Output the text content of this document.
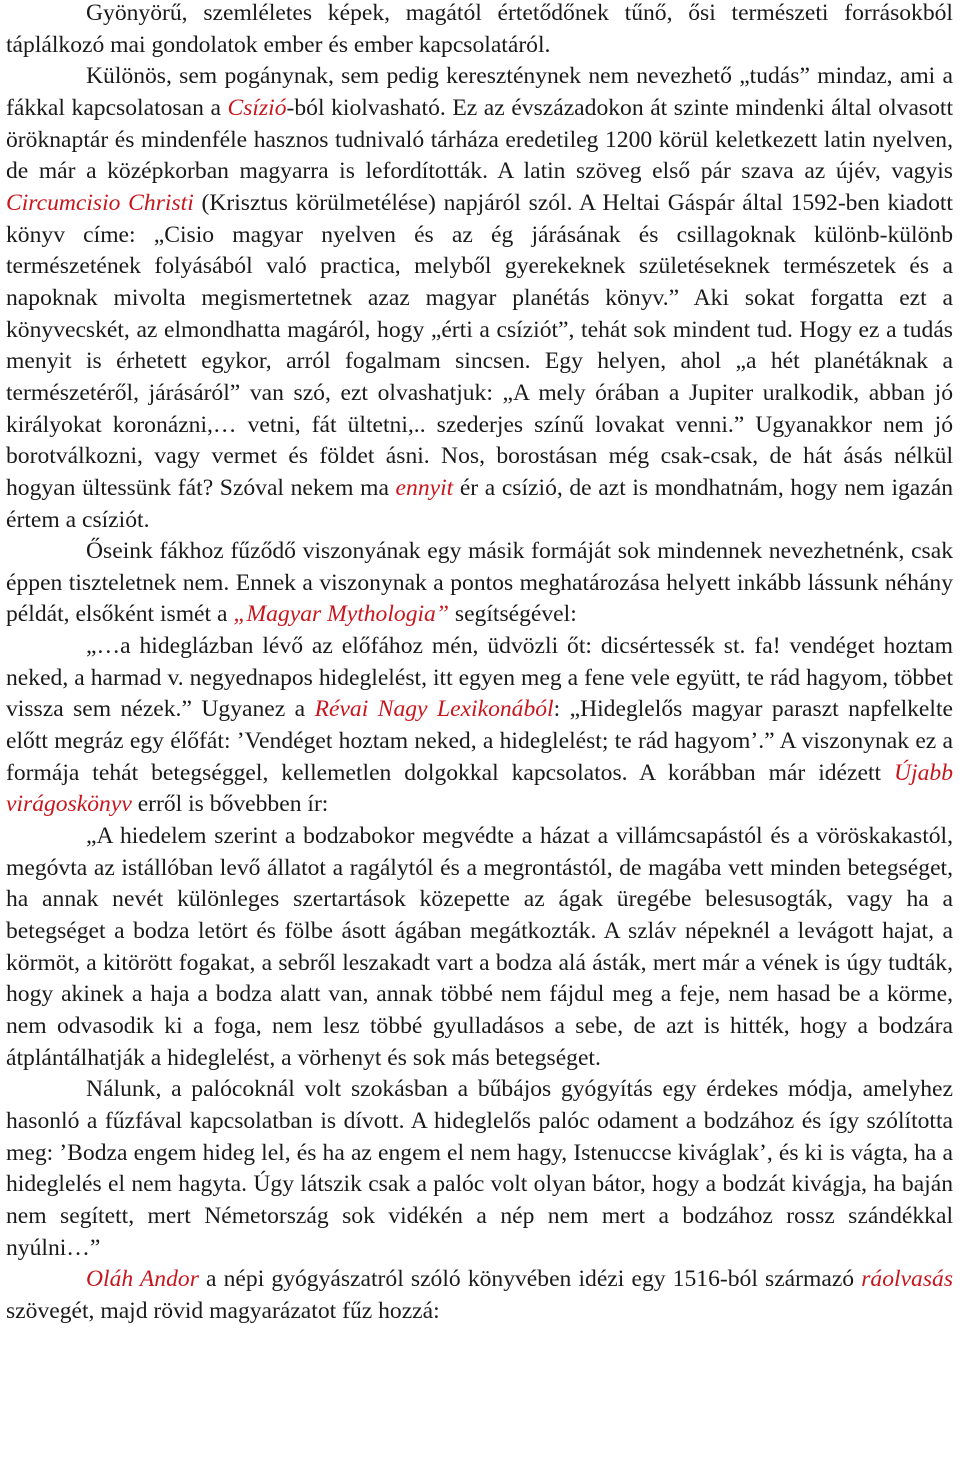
Gyönyörű, szemléletes képek, magától értetődőnek tűnő, ősi természeti forrásokból táplálkozó mai gondolatok ember és ember kapcsolatáról.

Különös, sem pogánynak, sem pedig kereszténynek nem nevezhető „tudás” mindaz, ami a fákkal kapcsolatosan a Csízió-ból kiolvasható. Ez az évszázadokon át szinte mindenki által olvasott öröknaptár és mindenféle hasznos tudnivaló tárháza eredetileg 1200 körül keletkezett latin nyelven, de már a középkorban magyarra is lefordították. A latin szöveg első pár szava az újév, vagyis Circumcisio Christi (Krisztus körülmetélése) napjáról szól. A Heltai Gáspár által 1592-ben kiadott könyv címe: „Cisio magyar nyelven és az ég járásának és csillagoknak különb-különb természetének folyásából való practica, melyből gyerekeknek születéseknek természetek és a napoknak mivolta megismertetnek azaz magyar planétás könyv.” Aki sokat forgatta ezt a könyvecskét, az elmondhatta magáról, hogy „érti a csíziót”, tehát sok mindent tud. Hogy ez a tudás menyit is érhetett egykor, arról fogalmam sincsen. Egy helyen, ahol „a hét planétáknak a természetéről, járásáról” van szó, ezt olvashatjuk: „A mely órában a Jupiter uralkodik, abban jó királyokat koronázni,… vetni, fát ültetni,.. szederjes színű lovakat venni.” Ugyanakkor nem jó borotválkozni, vagy vermet és földet ásni. Nos, borostásan még csak-csak, de hát ásás nélkül hogyan ültessünk fát? Szóval nekem ma ennyit ér a csízió, de azt is mondhatnám, hogy nem igazán értem a csíziót.

Őseink fákhoz fűződő viszonyának egy másik formáját sok mindennek nevezhetnénk, csak éppen tiszteletnek nem. Ennek a viszonynak a pontos meghatározása helyett inkább lássunk néhány példát, elsőként ismét a „Magyar Mythologia” segítségével:

„…a hideglázban lévő az előfához mén, üdvözli őt: dicsértessék st. fa! vendéget hoztam neked, a harmad v. negyednapos hideglelést, itt egyen meg a fene vele együtt, te rád hagyom, többet vissza sem nézek.” Ugyanez a Révai Nagy Lexikonából: „Hideglelős magyar paraszt napfelkelte előtt megráz egy élőfát: ’Vendéget hoztam neked, a hideglelést; te rád hagyom’.” A viszonynak ez a formája tehát betegséggel, kellemetlen dolgokkal kapcsolatos. A korábban már idézett Újabb virágoskönyv erről is bővebben ír:

„A hiedelem szerint a bodzabokor megvédte a házat a villámcsapástól és a vöröskakastól, megóvta az istállóban levő állatot a ragálytól és a megrontástól, de magába vett minden betegséget, ha annak nevét különleges szertartások közepette az ágak üregébe belesusogták, vagy ha a betegséget a bodza letört és fölbe ásott ágában megátkozták. A szláv népeknél a levágott hajat, a körmöt, a kitörött fogakat, a sebről leszakadt vart a bodza alá ásták, mert már a vének is úgy tudták, hogy akinek a haja a bodza alatt van, annak többé nem fájdul meg a feje, nem hasad be a körme, nem odvasodik ki a foga, nem lesz többé gyulladásos a sebe, de azt is hitték, hogy a bodzára átplántálhatják a hideglelést, a vörhenyt és sok más betegséget.

Nálunk, a palócoknál volt szokásban a bűbájos gyógyítás egy érdekes módja, amelyhez hasonló a fűzfával kapcsolatban is dívott. A hideglelős palóc odament a bodzához és így szólította meg: ’Bodza engem hideg lel, és ha az engem el nem hagy, Istenuccse kiváglak’, és ki is vágta, ha a hideglelés el nem hagyta. Úgy látszik csak a palóc volt olyan bátor, hogy a bodzát kivágja, ha baján nem segített, mert Németország sok vidékén a nép nem mert a bodzához rossz szándékkal nyúlni…”

Oláh Andor a népi gyógyászatról szóló könyvében idézi egy 1516-ból származó ráolvasás szövegét, majd rövid magyarázatot fűz hozzá:
